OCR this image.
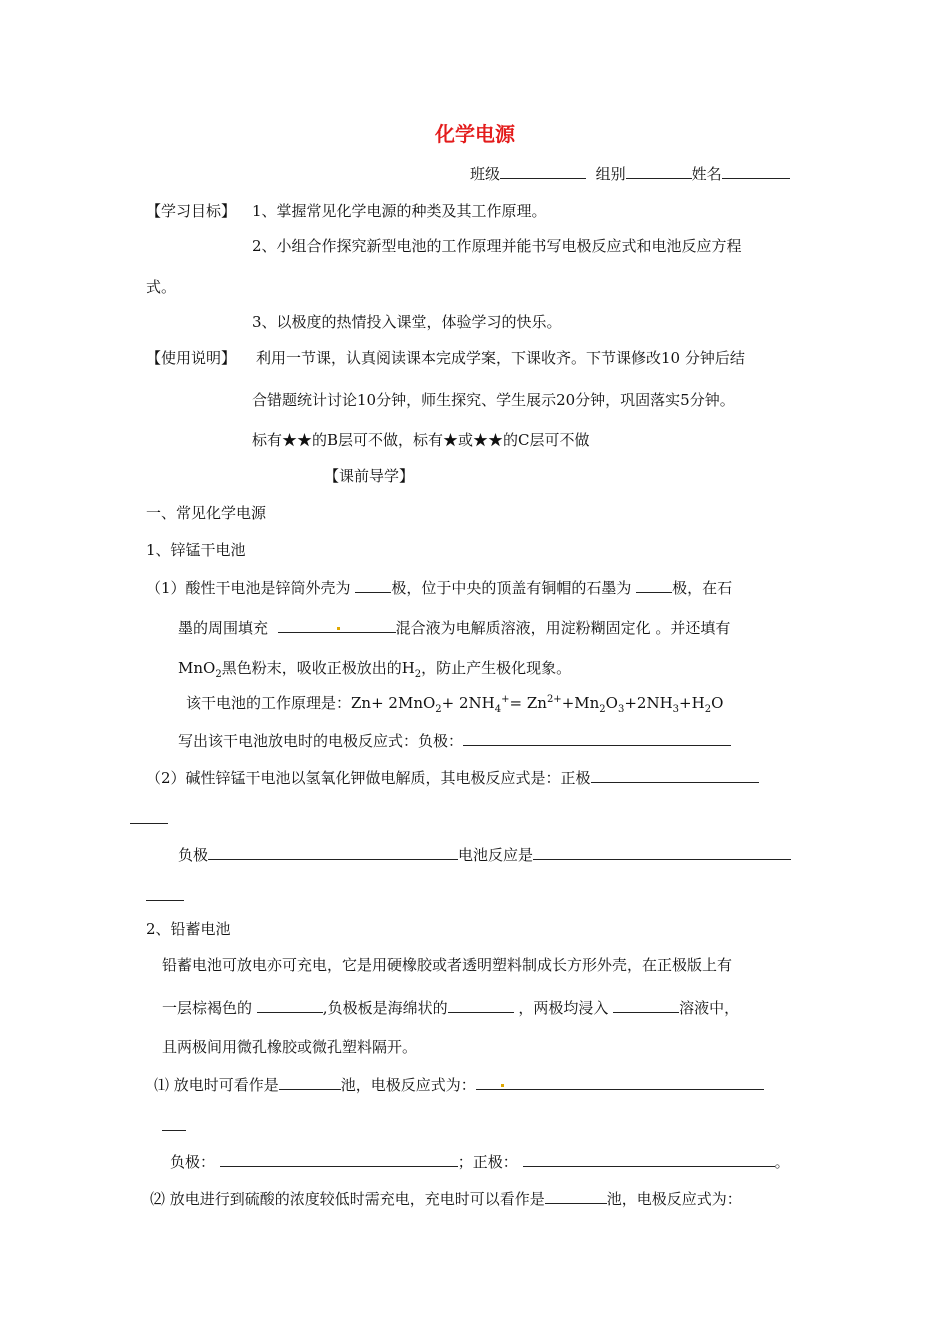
化学电源
班级	组别	姓名
【学习目标】 1、掌握常见化学电源的种类及其工作原理。
2、小组合作探究新型电池的工作原理并能书写电极反应式和电池反应方程
式。
3、以极度的热情投入课堂，体验学习的快乐。
【使用说明】 利用一节课，认真阅读课本完成学案，下课收齐。下节课修改10 分钟后结
合错题统计讨论10分钟，师生探究、学生展示20分钟，巩固落实5分钟。
标有★★的B层可不做，标有★或★★的C层可不做
【课前导学】
一、常见化学电源
1、锌锰干电池
（1）酸性干电池是锌筒外壳为	极，位于中央的顶盖有铜帽的石墨为	极，在石
墨的周围填充	混合液为电解质溶液，用淀粉糊固定化 。并还填有
MnO$_2$黑色粉末，吸收正极放出的$H_2$，防止产生极化现象。
该干电池的工作原理是：$Zn+ 2MnO_2+ 2NH_4^+= Zn^{2+}+Mn_2O_3+2NH_3+H_2O$
写出该干电池放电时的电极反应式：负极：
（2）碱性锌锰干电池以氢氧化钾做电解质，其电极反应式是：正极
负极	电池反应是
2、铅蓄电池
铅蓄电池可放电亦可充电，它是用硬橡胶或者透明塑料制成长方形外壳，在正极版上有
一层棕褐色的	,负极板是海绵状的	，两极均浸入	溶液中，
且两极间用微孔橡胶或微孔塑料隔开。
⑴ 放电时可看作是	池，电极反应式为：
负极：	；正极：	。
⑵ 放电进行到硫酸的浓度较低时需充电，充电时可以看作是	池，电极反应式为：
